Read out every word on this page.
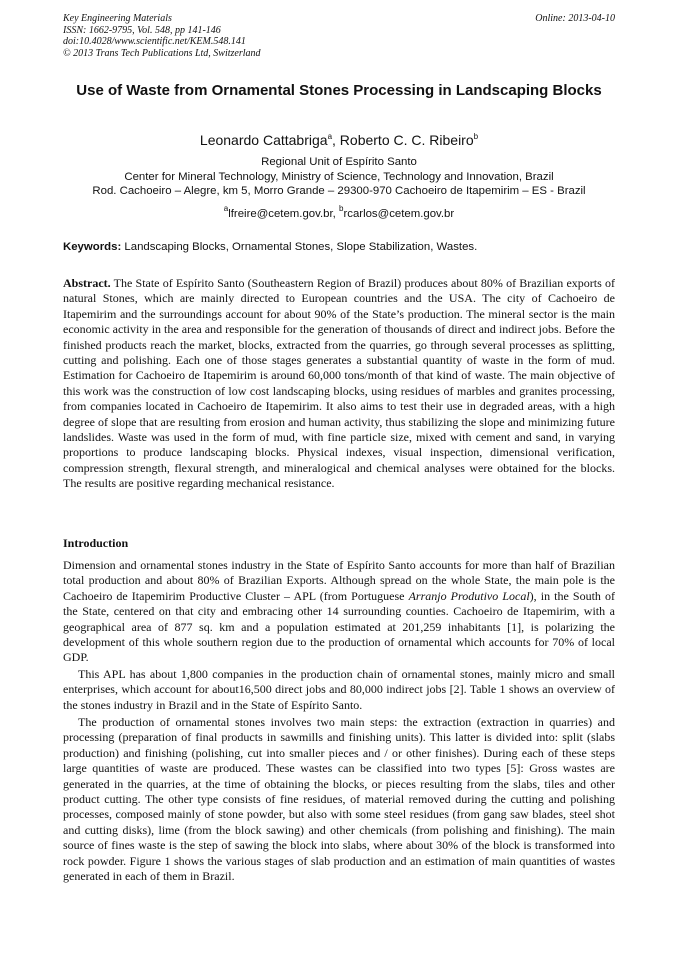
Key Engineering Materials
ISSN: 1662-9795, Vol. 548, pp 141-146
doi:10.4028/www.scientific.net/KEM.548.141
© 2013 Trans Tech Publications Ltd, Switzerland
Online: 2013-04-10
Use of Waste from Ornamental Stones Processing in Landscaping Blocks
Leonardo Cattabriga$^a$, Roberto C. C. Ribeiro$^b$
Regional Unit of Espírito Santo
Center for Mineral Technology, Ministry of Science, Technology and Innovation, Brazil
Rod. Cachoeiro – Alegre, km 5, Morro Grande – 29300-970 Cachoeiro de Itapemirim – ES - Brazil
$^a$lfreire@cetem.gov.br, $^b$rcarlos@cetem.gov.br
Keywords: Landscaping Blocks, Ornamental Stones, Slope Stabilization, Wastes.
Abstract. The State of Espírito Santo (Southeastern Region of Brazil) produces about 80% of Brazilian exports of natural Stones, which are mainly directed to European countries and the USA. The city of Cachoeiro de Itapemirim and the surroundings account for about 90% of the State’s production. The mineral sector is the main economic activity in the area and responsible for the generation of thousands of direct and indirect jobs. Before the finished products reach the market, blocks, extracted from the quarries, go through several processes as splitting, cutting and polishing. Each one of those stages generates a substantial quantity of waste in the form of mud. Estimation for Cachoeiro de Itapemirim is around 60,000 tons/month of that kind of waste. The main objective of this work was the construction of low cost landscaping blocks, using residues of marbles and granites processing, from companies located in Cachoeiro de Itapemirim. It also aims to test their use in degraded areas, with a high degree of slope that are resulting from erosion and human activity, thus stabilizing the slope and minimizing future landslides. Waste was used in the form of mud, with fine particle size, mixed with cement and sand, in varying proportions to produce landscaping blocks. Physical indexes, visual inspection, dimensional verification, compression strength, flexural strength, and mineralogical and chemical analyses were obtained for the blocks. The results are positive regarding mechanical resistance.
Introduction
Dimension and ornamental stones industry in the State of Espírito Santo accounts for more than half of Brazilian total production and about 80% of Brazilian Exports. Although spread on the whole State, the main pole is the Cachoeiro de Itapemirim Productive Cluster – APL (from Portuguese Arranjo Produtivo Local), in the South of the State, centered on that city and embracing other 14 surrounding counties. Cachoeiro de Itapemirim, with a geographical area of 877 sq. km and a population estimated at 201,259 inhabitants [1], is polarizing the development of this whole southern region due to the production of ornamental which accounts for 70% of local GDP.
This APL has about 1,800 companies in the production chain of ornamental stones, mainly micro and small enterprises, which account for about16,500 direct jobs and 80,000 indirect jobs [2]. Table 1 shows an overview of the stones industry in Brazil and in the State of Espírito Santo.
The production of ornamental stones involves two main steps: the extraction (extraction in quarries) and processing (preparation of final products in sawmills and finishing units). This latter is divided into: split (slabs production) and finishing (polishing, cut into smaller pieces and / or other finishes). During each of these steps large quantities of waste are produced. These wastes can be classified into two types [5]: Gross wastes are generated in the quarries, at the time of obtaining the blocks, or pieces resulting from the slabs, tiles and other product cutting. The other type consists of fine residues, of material removed during the cutting and polishing processes, composed mainly of stone powder, but also with some steel residues (from gang saw blades, steel shot and cutting disks), lime (from the block sawing) and other chemicals (from polishing and finishing). The main source of fines waste is the step of sawing the block into slabs, where about 30% of the block is transformed into rock powder. Figure 1 shows the various stages of slab production and an estimation of main quantities of wastes generated in each of them in Brazil.
